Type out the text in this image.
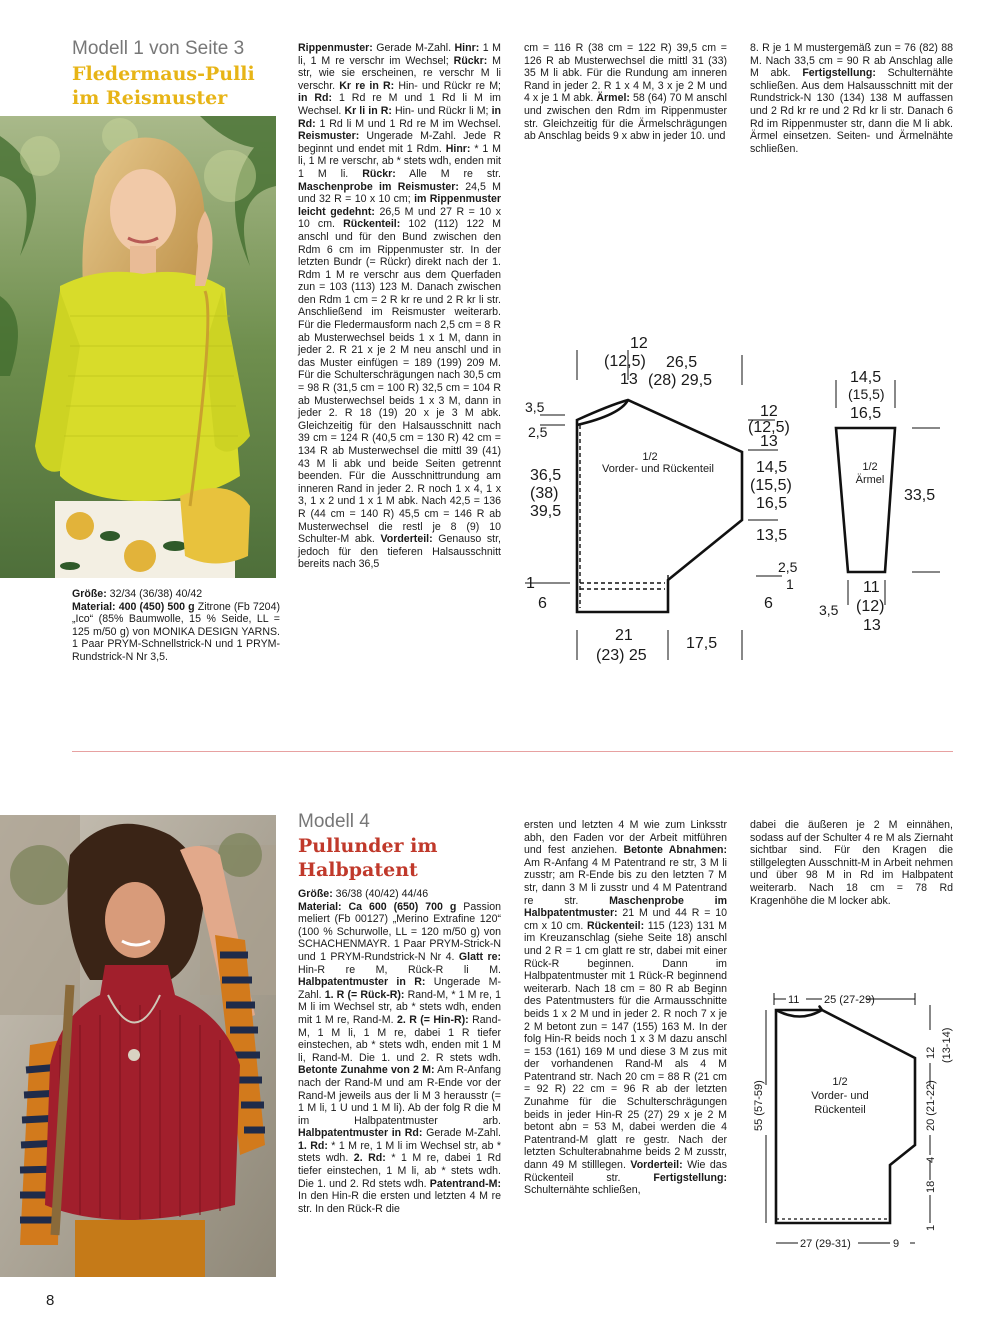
Modell 1 von Seite 3
Fledermaus-Pulli
im Reismuster
Größe: 32/34 (36/38) 40/42
Material: 400 (450) 500 g Zitrone (Fb 7204) „Ico“ (85% Baumwolle, 15 % Seide, LL = 125 m/50 g) von MONIKA DESIGN YARNS. 1 Paar PRYM-Schnellstrick-N und 1 PRYM-Rundstrick-N Nr 3,5.
Rippenmuster: Gerade M-Zahl. Hinr: 1 M li, 1 M re verschr im Wechsel; Rückr: M str, wie sie erscheinen, re verschr M li verschr. Kr re in R: Hin- und Rückr re M; in Rd: 1 Rd re M und 1 Rd li M im Wechsel. Kr li in R: Hin- und Rückr li M; in Rd: 1 Rd li M und 1 Rd re M im Wechsel. Reismuster: Ungerade M-Zahl. Jede R beginnt und endet mit 1 Rdm. Hinr: * 1 M li, 1 M re verschr, ab * stets wdh, enden mit 1 M li. Rückr: Alle M re str. Maschenprobe im Reismuster: 24,5 M und 32 R = 10 x 10 cm; im Rippenmuster leicht gedehnt: 26,5 M und 27 R = 10 x 10 cm. Rückenteil: 102 (112) 122 M anschl und für den Bund zwischen den Rdm 6 cm im Rippenmuster str. In der letzten Bundr (= Rückr) direkt nach der 1. Rdm 1 M re verschr aus dem Querfaden zun = 103 (113) 123 M. Danach zwischen den Rdm 1 cm = 2 R kr re und 2 R kr li str. Anschließend im Reismuster weiterarb. Für die Fledermausform nach 2,5 cm = 8 R ab Musterwechsel beids 1 x 1 M, dann in jeder 2. R 21 x je 2 M neu anschl und in das Muster einfügen = 189 (199) 209 M. Für die Schulterschrägungen nach 30,5 cm = 98 R (31,5 cm = 100 R) 32,5 cm = 104 R ab Musterwechsel beids 1 x 3 M, dann in jeder 2. R 18 (19) 20 x je 3 M abk. Gleichzeitig für den Halsausschnitt nach 39 cm = 124 R (40,5 cm = 130 R) 42 cm = 134 R ab Musterwechsel die mittl 39 (41) 43 M li abk und beide Seiten getrennt beenden. Für die Ausschnittrundung am inneren Rand in jeder 2. R noch 1 x 4, 1 x 3, 1 x 2 und 1 x 1 M abk. Nach 42,5 = 136 R (44 cm = 140 R) 45,5 cm = 146 R ab Musterwechsel die restl je 8 (9) 10 Schulter-M abk. Vorderteil: Genauso str, jedoch für den tieferen Halsausschnitt bereits nach 36,5
cm = 116 R (38 cm = 122 R) 39,5 cm = 126 R ab Musterwechsel die mittl 31 (33) 35 M li abk. Für die Rundung am inneren Rand in jeder 2. R 1 x 4 M, 3 x je 2 M und 4 x je 1 M abk. Ärmel: 58 (64) 70 M anschl und zwischen den Rdm im Rippenmuster str. Gleichzeitig für die Ärmelschrägungen ab Anschlag beids 9 x abw in jeder 10. und
8. R je 1 M mustergemäß zun = 76 (82) 88 M. Nach 33,5 cm = 90 R ab Anschlag alle M abk. Fertigstellung: Schulternähte schließen. Aus dem Halsausschnitt mit der Rundstrick-N 130 (134) 138 M auffassen und 2 Rd kr re und 2 Rd kr li str. Danach 6 Rd im Rippenmuster str, dann die M li abk. Ärmel einsetzen. Seiten- und Ärmelnähte schließen.
12
(12,5)
13
26,5
(28) 29,5
3,5
2,5
36,5
(38)
39,5
1
6
1/2
Vorder- und Rückenteil
12
(12,5)
13
14,5
(15,5)
16,5
13,5
2,5
1
6
21
(23) 25
17,5
14,5
(15,5)
16,5
1/2
Ärmel
33,5
3,5
11
(12)
13
Modell 4
Pullunder im
Halbpatent
Größe: 36/38 (40/42) 44/46
Material: Ca 600 (650) 700 g Passion meliert (Fb 00127) „Merino Extrafine 120“ (100 % Schurwolle, LL = 120 m/50 g) von SCHACHENMAYR. 1 Paar PRYM-Strick-N und 1 PRYM-Rundstrick-N Nr 4. Glatt re: Hin-R re M, Rück-R li M. Halbpatentmuster in R: Ungerade M-Zahl. 1. R (= Rück-R): Rand-M, * 1 M re, 1 M li im Wechsel str, ab * stets wdh, enden mit 1 M re, Rand-M. 2. R (= Hin-R): Rand-M, 1 M li, 1 M re, dabei 1 R tiefer einstechen, ab * stets wdh, enden mit 1 M li, Rand-M. Die 1. und 2. R stets wdh. Betonte Zunahme von 2 M: Am R-Anfang nach der Rand-M und am R-Ende vor der Rand-M jeweils aus der li M 3 herausstr (= 1 M li, 1 U und 1 M li). Ab der folg R die M im Halbpatentmuster arb. Halbpatentmuster in Rd: Gerade M-Zahl. 1. Rd: * 1 M re, 1 M li im Wechsel str, ab * stets wdh. 2. Rd: * 1 M re, dabei 1 Rd tiefer einstechen, 1 M li, ab * stets wdh. Die 1. und 2. Rd stets wdh. Patentrand-M: In den Hin-R die ersten und letzten 4 M re str. In den Rück-R die
ersten und letzten 4 M wie zum Linksstr abh, den Faden vor der Arbeit mitführen und fest anziehen. Betonte Abnahmen: Am R-Anfang 4 M Patentrand re str, 3 M li zusstr; am R-Ende bis zu den letzten 7 M str, dann 3 M li zusstr und 4 M Patentrand re str. Maschenprobe im Halbpatentmuster: 21 M und 44 R = 10 cm x 10 cm. Rückenteil: 115 (123) 131 M im Kreuzanschlag (siehe Seite 18) anschl und 2 R = 1 cm glatt re str, dabei mit einer Rück-R beginnen. Dann im Halbpatentmuster mit 1 Rück-R beginnend weiterarb. Nach 18 cm = 80 R ab Beginn des Patentmusters für die Armausschnitte beids 1 x 2 M und in jeder 2. R noch 7 x je 2 M betont zun = 147 (155) 163 M. In der folg Hin-R beids noch 1 x 3 M dazu anschl = 153 (161) 169 M und diese 3 M zus mit der vorhandenen Rand-M als 4 M Patentrand str. Nach 20 cm = 88 R (21 cm = 92 R) 22 cm = 96 R ab der letzten Zunahme für die Schulterschrägungen beids in jeder Hin-R 25 (27) 29 x je 2 M betont abn = 53 M, dabei werden die 4 Patentrand-M glatt re gestr. Nach der letzten Schulterabnahme beids 2 M zusstr, dann 49 M stilllegen. Vorderteil: Wie das Rückenteil str. Fertigstellung: Schulternähte schließen,
dabei die äußeren je 2 M einnähen, sodass auf der Schulter 4 re M als Ziernaht sichtbar sind. Für den Kragen die stillgelegten Ausschnitt-M in Arbeit nehmen und über 98 M in Rd im Halbpatent weiterarb. Nach 18 cm = 78 Rd Kragenhöhe die M locker abk.
11 25 (27-29)
1/2
Vorder- und
Rückenteil
12 (13-14)
4
20 (21-22)
18
1
55 (57-59)
27 (29-31)	9
8
